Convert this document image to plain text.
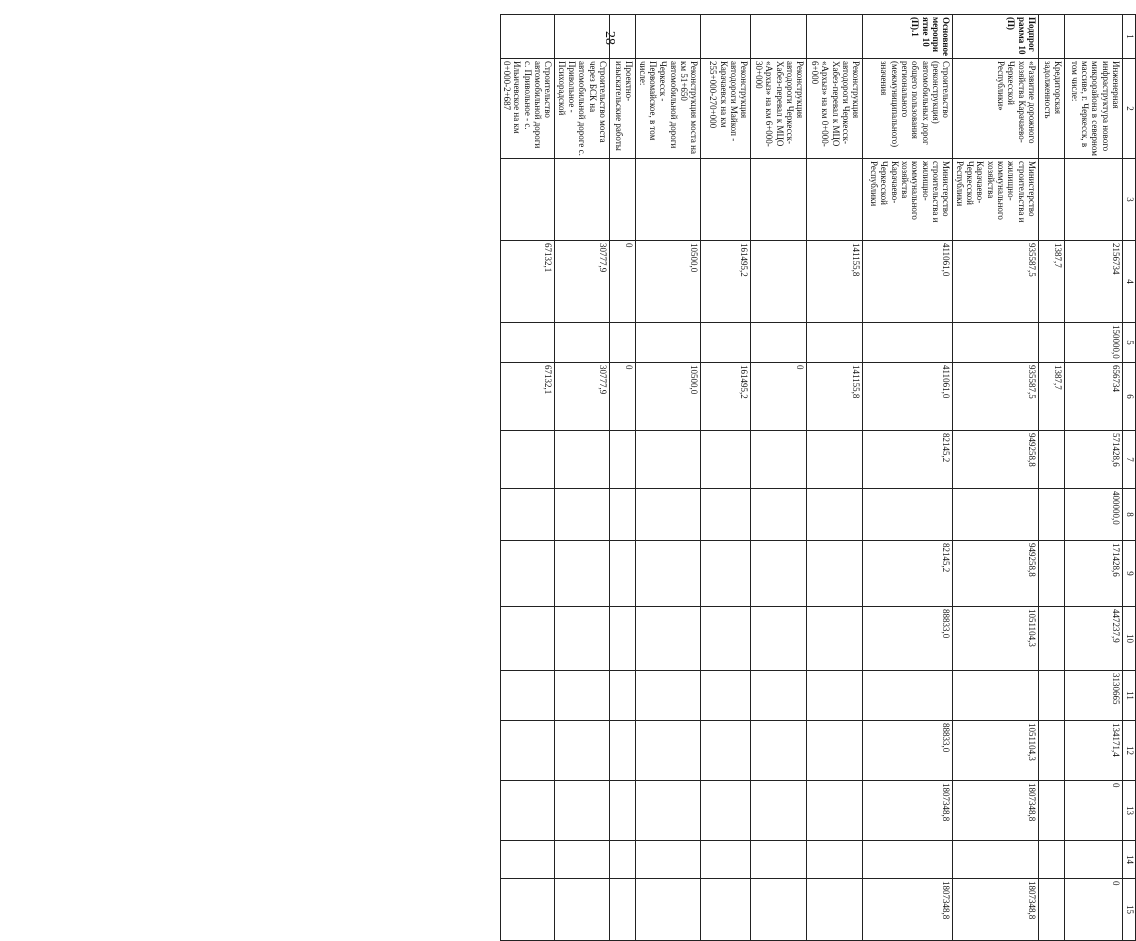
28	1	2	3	4	5	6	7	8	9	10	11	12	13	14	15
	Инженерная инфраструктура нового микрорайона в северном массиве, г. Черкесск, в том числе:		2156734	150000,0	656734	571428,6	400000,0	171428,6	447237,9	3130665	134171,4	0		0
	Кредиторская задолженность		1387,7		1387,7									
Подпрограмма 10 (П)	«Развитие дорожного хозяйства Карачаево-Черкесской Республики»	Министерство строительства и жилищно-коммунального хозяйства Карачаево-Черкесской Республики	935587,5		935587,5	949258,8		949258,8	1051104,3		1051104,3	1807348,8		1807348,8
Основное мероприятие 10 (П).1	Строительство (реконструкция) автомобильных дорог общего пользования регионального (межмуниципального) значения	Министерство строительства и жилищно-коммунального хозяйства Карачаево-Черкесской Республики	411061,0		411061,0	82145,2		82145,2	88833,0		88833,0	1807348,8		1807348,8
	Реконструкция автодороги Черкесск-Хабез-перевал к МЦО «Архыз» на км 0+000-6+000		141155,8		141155,8									
	Реконструкция автодороги Черкесск-Хабез-перевал к МЦО «Архыз» на км 6+000-30+000				0									
	Реконструкция автодороги Майкоп - Карачаевск на км 255+000-270+000		161495,2		161495,2									
	Реконструкция моста на км 51+650 автомобильной дороги Черкесск - Первомайское, в том числе:		10500,0		10500,0									
	Проектно-изыскательские работы		0		0									
	Строительство моста через БСК на автомобильной дороге с. Привольное - Психорадской		30777,9		30777,9									
	Строительство автомобильной дороги с. Привольное - с. Ильичевское на км 0+000-2+687		67132,1		67132,1									
